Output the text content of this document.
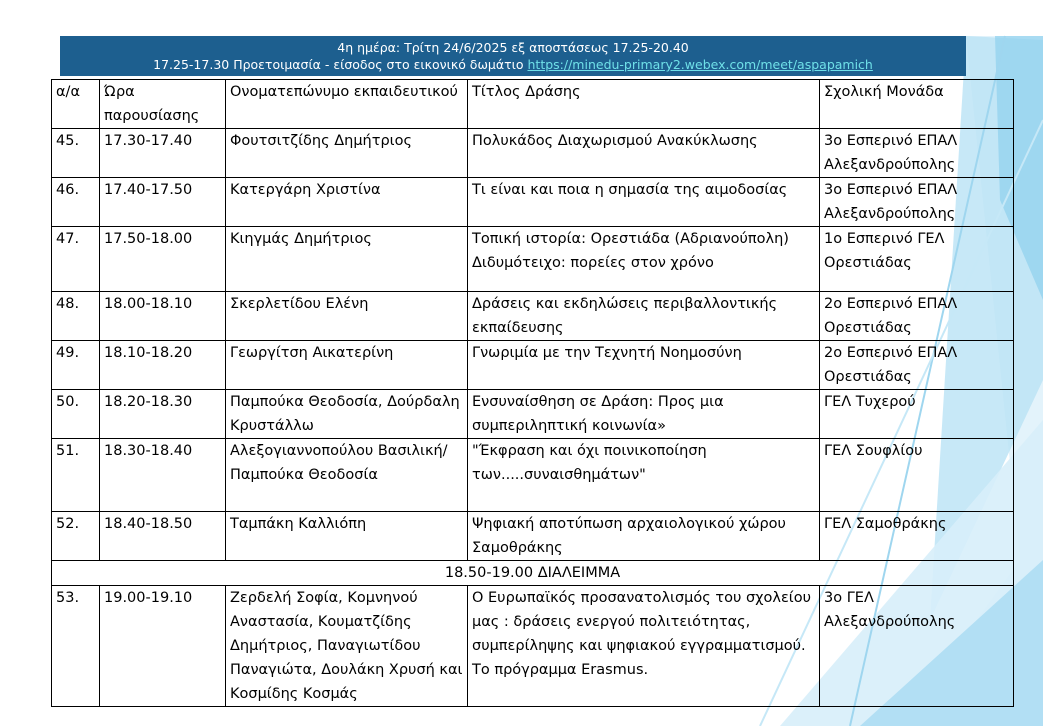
4η ημέρα: Τρίτη 24/6/2025 εξ αποστάσεως 17.25-20.40
17.25-17.30 Προετοιμασία - είσοδος στο εικονικό δωμάτιο https://minedu-primary2.webex.com/meet/aspapamich
α/α	Ώρα παρουσίασης	Ονοματεπώνυμο εκπαιδευτικού	Τίτλος Δράσης	Σχολική Μονάδα
45.	17.30-17.40	Φουτσιτζίδης Δημήτριος	Πολυκάδος Διαχωρισμού Ανακύκλωσης	3ο Εσπερινό ΕΠΑΛ Αλεξανδρούπολης
46.	17.40-17.50	Κατεργάρη Χριστίνα	Τι είναι και ποια η σημασία της αιμοδοσίας	3ο Εσπερινό ΕΠΑΛ Αλεξανδρούπολης
47.	17.50-18.00	Κιηγμάς Δημήτριος	Τοπική ιστορία: Ορεστιάδα (Αδριανούπολη) Διδυμότειχο: πορείες στον χρόνο	1ο Εσπερινό ΓΕΛ Ορεστιάδας
48.	18.00-18.10	Σκερλετίδου Ελένη	Δράσεις και εκδηλώσεις περιβαλλοντικής εκπαίδευσης	2ο Εσπερινό ΕΠΑΛ Ορεστιάδας
49.	18.10-18.20	Γεωργίτση Αικατερίνη	Γνωριμία με την Τεχνητή Νοημοσύνη	2ο Εσπερινό ΕΠΑΛ Ορεστιάδας
50.	18.20-18.30	Παμπούκα Θεοδοσία, Δούρδαλη Κρυστάλλω	Ενσυναίσθηση σε Δράση: Προς μια συμπεριληπτική κοινωνία»	ΓΕΛ Τυχερού
51.	18.30-18.40	Αλεξογιαννοπούλου Βασιλική/ Παμπούκα Θεοδοσία	"Έκφραση και όχι ποινικοποίηση των.....συναισθημάτων"	ΓΕΛ Σουφλίου
52.	18.40-18.50	Ταμπάκη Καλλιόπη	Ψηφιακή αποτύπωση αρχαιολογικού χώρου Σαμοθράκης	ΓΕΛ Σαμοθράκης
18.50-19.00 ΔΙΑΛΕΙΜΜΑ				
53.	19.00-19.10	Ζερδελή Σοφία, Κομνηνού Αναστασία, Κουματζίδης Δημήτριος, Παναγιωτίδου Παναγιώτα, Δουλάκη Χρυσή και Κοσμίδης Κοσμάς	Ο Ευρωπαϊκός προσανατολισμός του σχολείου μας : δράσεις ενεργού πολιτειότητας, συμπερίληψης και ψηφιακού εγγραμματισμού. Το πρόγραμμα Erasmus.	3ο ΓΕΛ Αλεξανδρούπολης
